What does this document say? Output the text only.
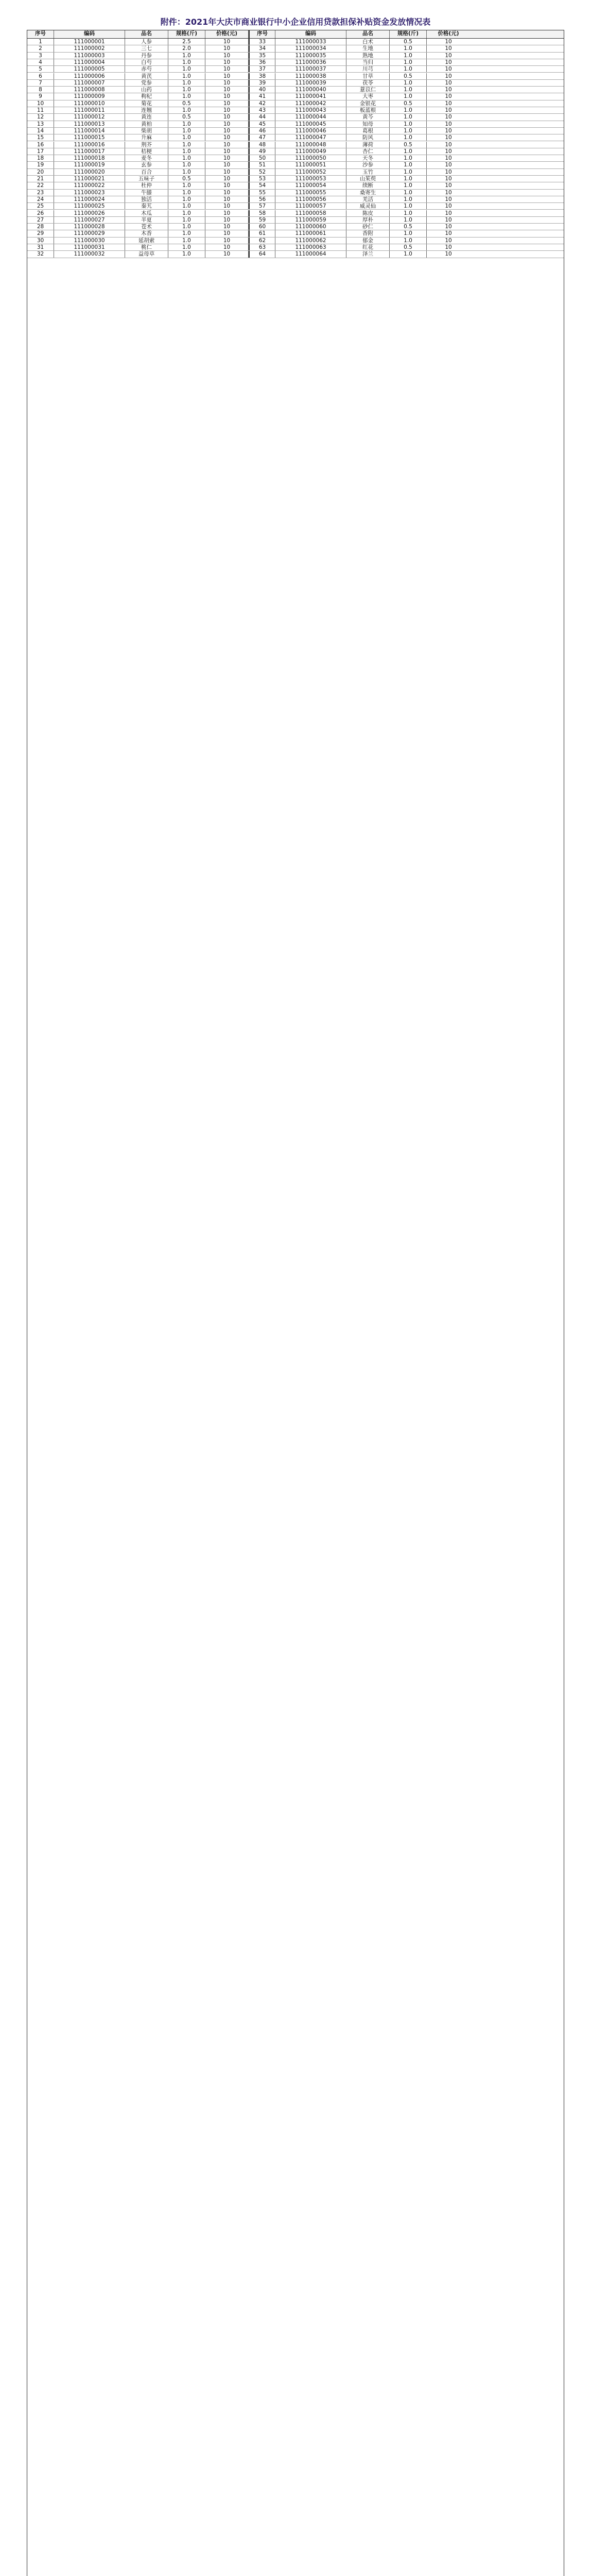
附件：2021年大庆市商业银行中小企业信用贷款担保补贴资金发放情况表
序号	编码	品名	规格(斤)	价格(元)	序号	编码	品名	规格(斤)	价格(元)
1	111000001	人参	2.5	10	33	111000033	白术	0.5	10
2	111000002	三七	2.0	10	34	111000034	生地	1.0	10
3	111000003	丹参	1.0	10	35	111000035	熟地	1.0	10
4	111000004	白芍	1.0	10	36	111000036	当归	1.0	10
5	111000005	赤芍	1.0	10	37	111000037	川芎	1.0	10
6	111000006	黄芪	1.0	10	38	111000038	甘草	0.5	10
7	111000007	党参	1.0	10	39	111000039	茯苓	1.0	10
8	111000008	山药	1.0	10	40	111000040	薏苡仁	1.0	10
9	111000009	枸杞	1.0	10	41	111000041	大枣	1.0	10
10	111000010	菊花	0.5	10	42	111000042	金银花	0.5	10
11	111000011	连翘	1.0	10	43	111000043	板蓝根	1.0	10
12	111000012	黄连	0.5	10	44	111000044	黄芩	1.0	10
13	111000013	黄柏	1.0	10	45	111000045	知母	1.0	10
14	111000014	柴胡	1.0	10	46	111000046	葛根	1.0	10
15	111000015	升麻	1.0	10	47	111000047	防风	1.0	10
16	111000016	荆芥	1.0	10	48	111000048	薄荷	0.5	10
17	111000017	桔梗	1.0	10	49	111000049	杏仁	1.0	10
18	111000018	麦冬	1.0	10	50	111000050	天冬	1.0	10
19	111000019	玄参	1.0	10	51	111000051	沙参	1.0	10
20	111000020	百合	1.0	10	52	111000052	玉竹	1.0	10
21	111000021	五味子	0.5	10	53	111000053	山茱萸	1.0	10
22	111000022	杜仲	1.0	10	54	111000054	续断	1.0	10
23	111000023	牛膝	1.0	10	55	111000055	桑寄生	1.0	10
24	111000024	独活	1.0	10	56	111000056	羌活	1.0	10
25	111000025	秦艽	1.0	10	57	111000057	威灵仙	1.0	10
26	111000026	木瓜	1.0	10	58	111000058	陈皮	1.0	10
27	111000027	半夏	1.0	10	59	111000059	厚朴	1.0	10
28	111000028	苍术	1.0	10	60	111000060	砂仁	0.5	10
29	111000029	木香	1.0	10	61	111000061	香附	1.0	10
30	111000030	延胡索	1.0	10	62	111000062	郁金	1.0	10
31	111000031	桃仁	1.0	10	63	111000063	红花	0.5	10
32	111000032	益母草	1.0	10	64	111000064	泽兰	1.0	10
